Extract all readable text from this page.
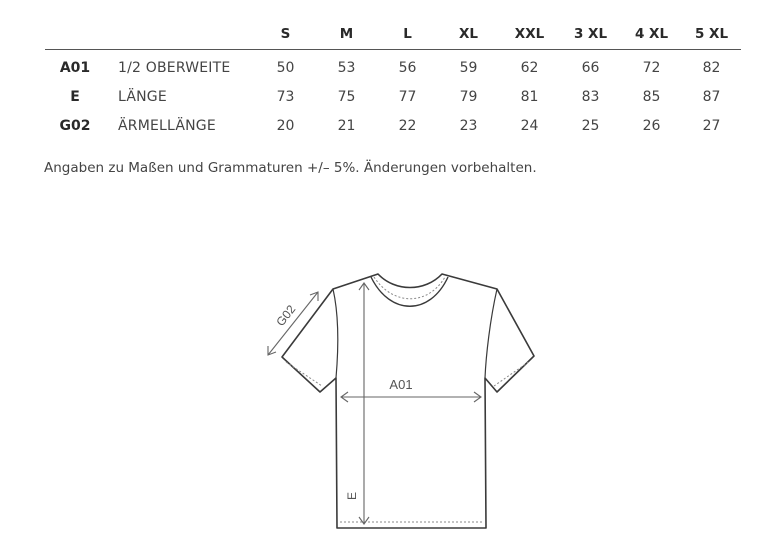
		S	M	L	XL	XXL	3 XL	4 XL	5 XL
A01	1/2 OBERWEITE	50	53	56	59	62	66	72	82
E	LÄNGE	73	75	77	79	81	83	85	87
G02	ÄRMELLÄNGE	20	21	22	23	24	25	26	27

Angaben zu Maßen und Grammaturen +/– 5%. Änderungen vorbehalten.

A01
E
G02
